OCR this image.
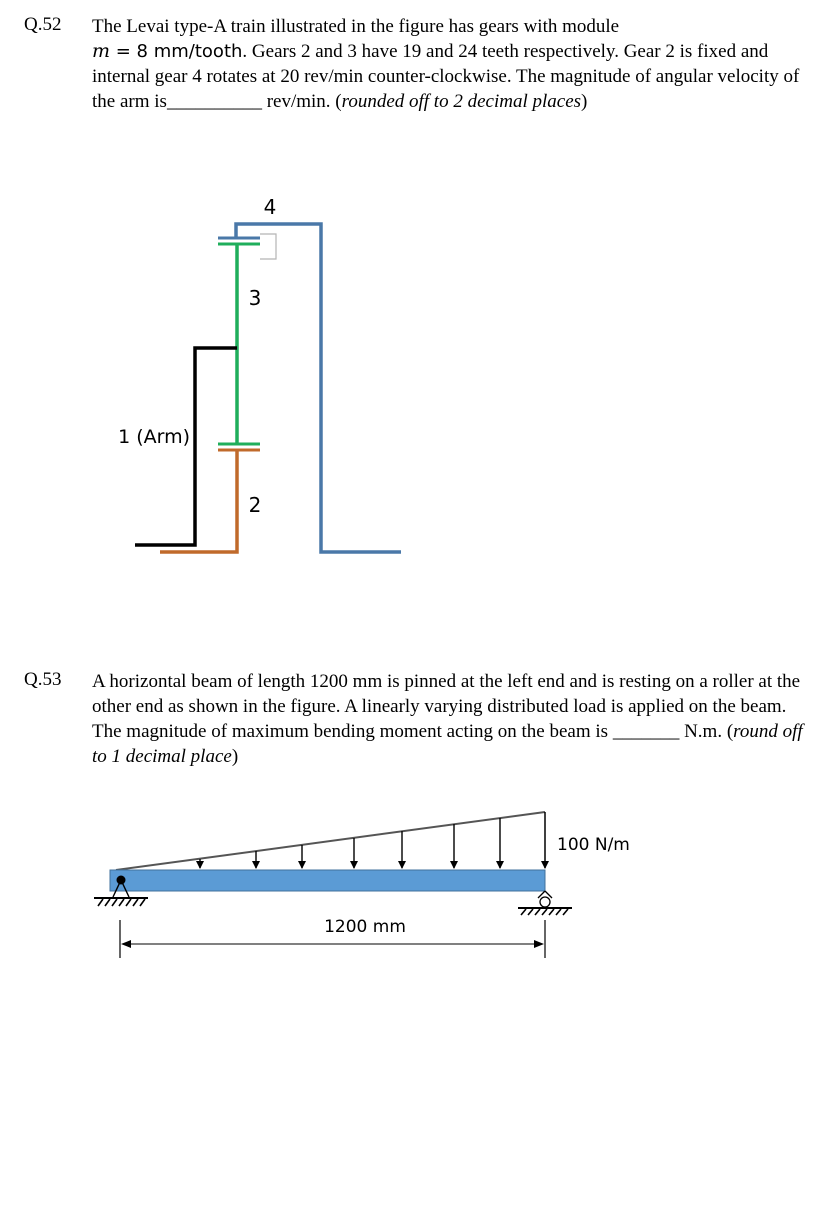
Q.52 The Levai type-A train illustrated in the figure has gears with module
m = 8 mm/tooth. Gears 2 and 3 have 19 and 24 teeth respectively. Gear 2 is fixed and internal gear 4 rotates at 20 rev/min counter-clockwise. The magnitude of angular velocity of the arm is__________ rev/min. (rounded off to 2 decimal places)

4
3
2
1 (Arm)
Q.53 A horizontal beam of length 1200 mm is pinned at the left end and is resting on a roller at the other end as shown in the figure. A linearly varying distributed load is applied on the beam. The magnitude of maximum bending moment acting on the beam is _______ N.m. (round off to 1 decimal place)

1200 mm
100 N/m
